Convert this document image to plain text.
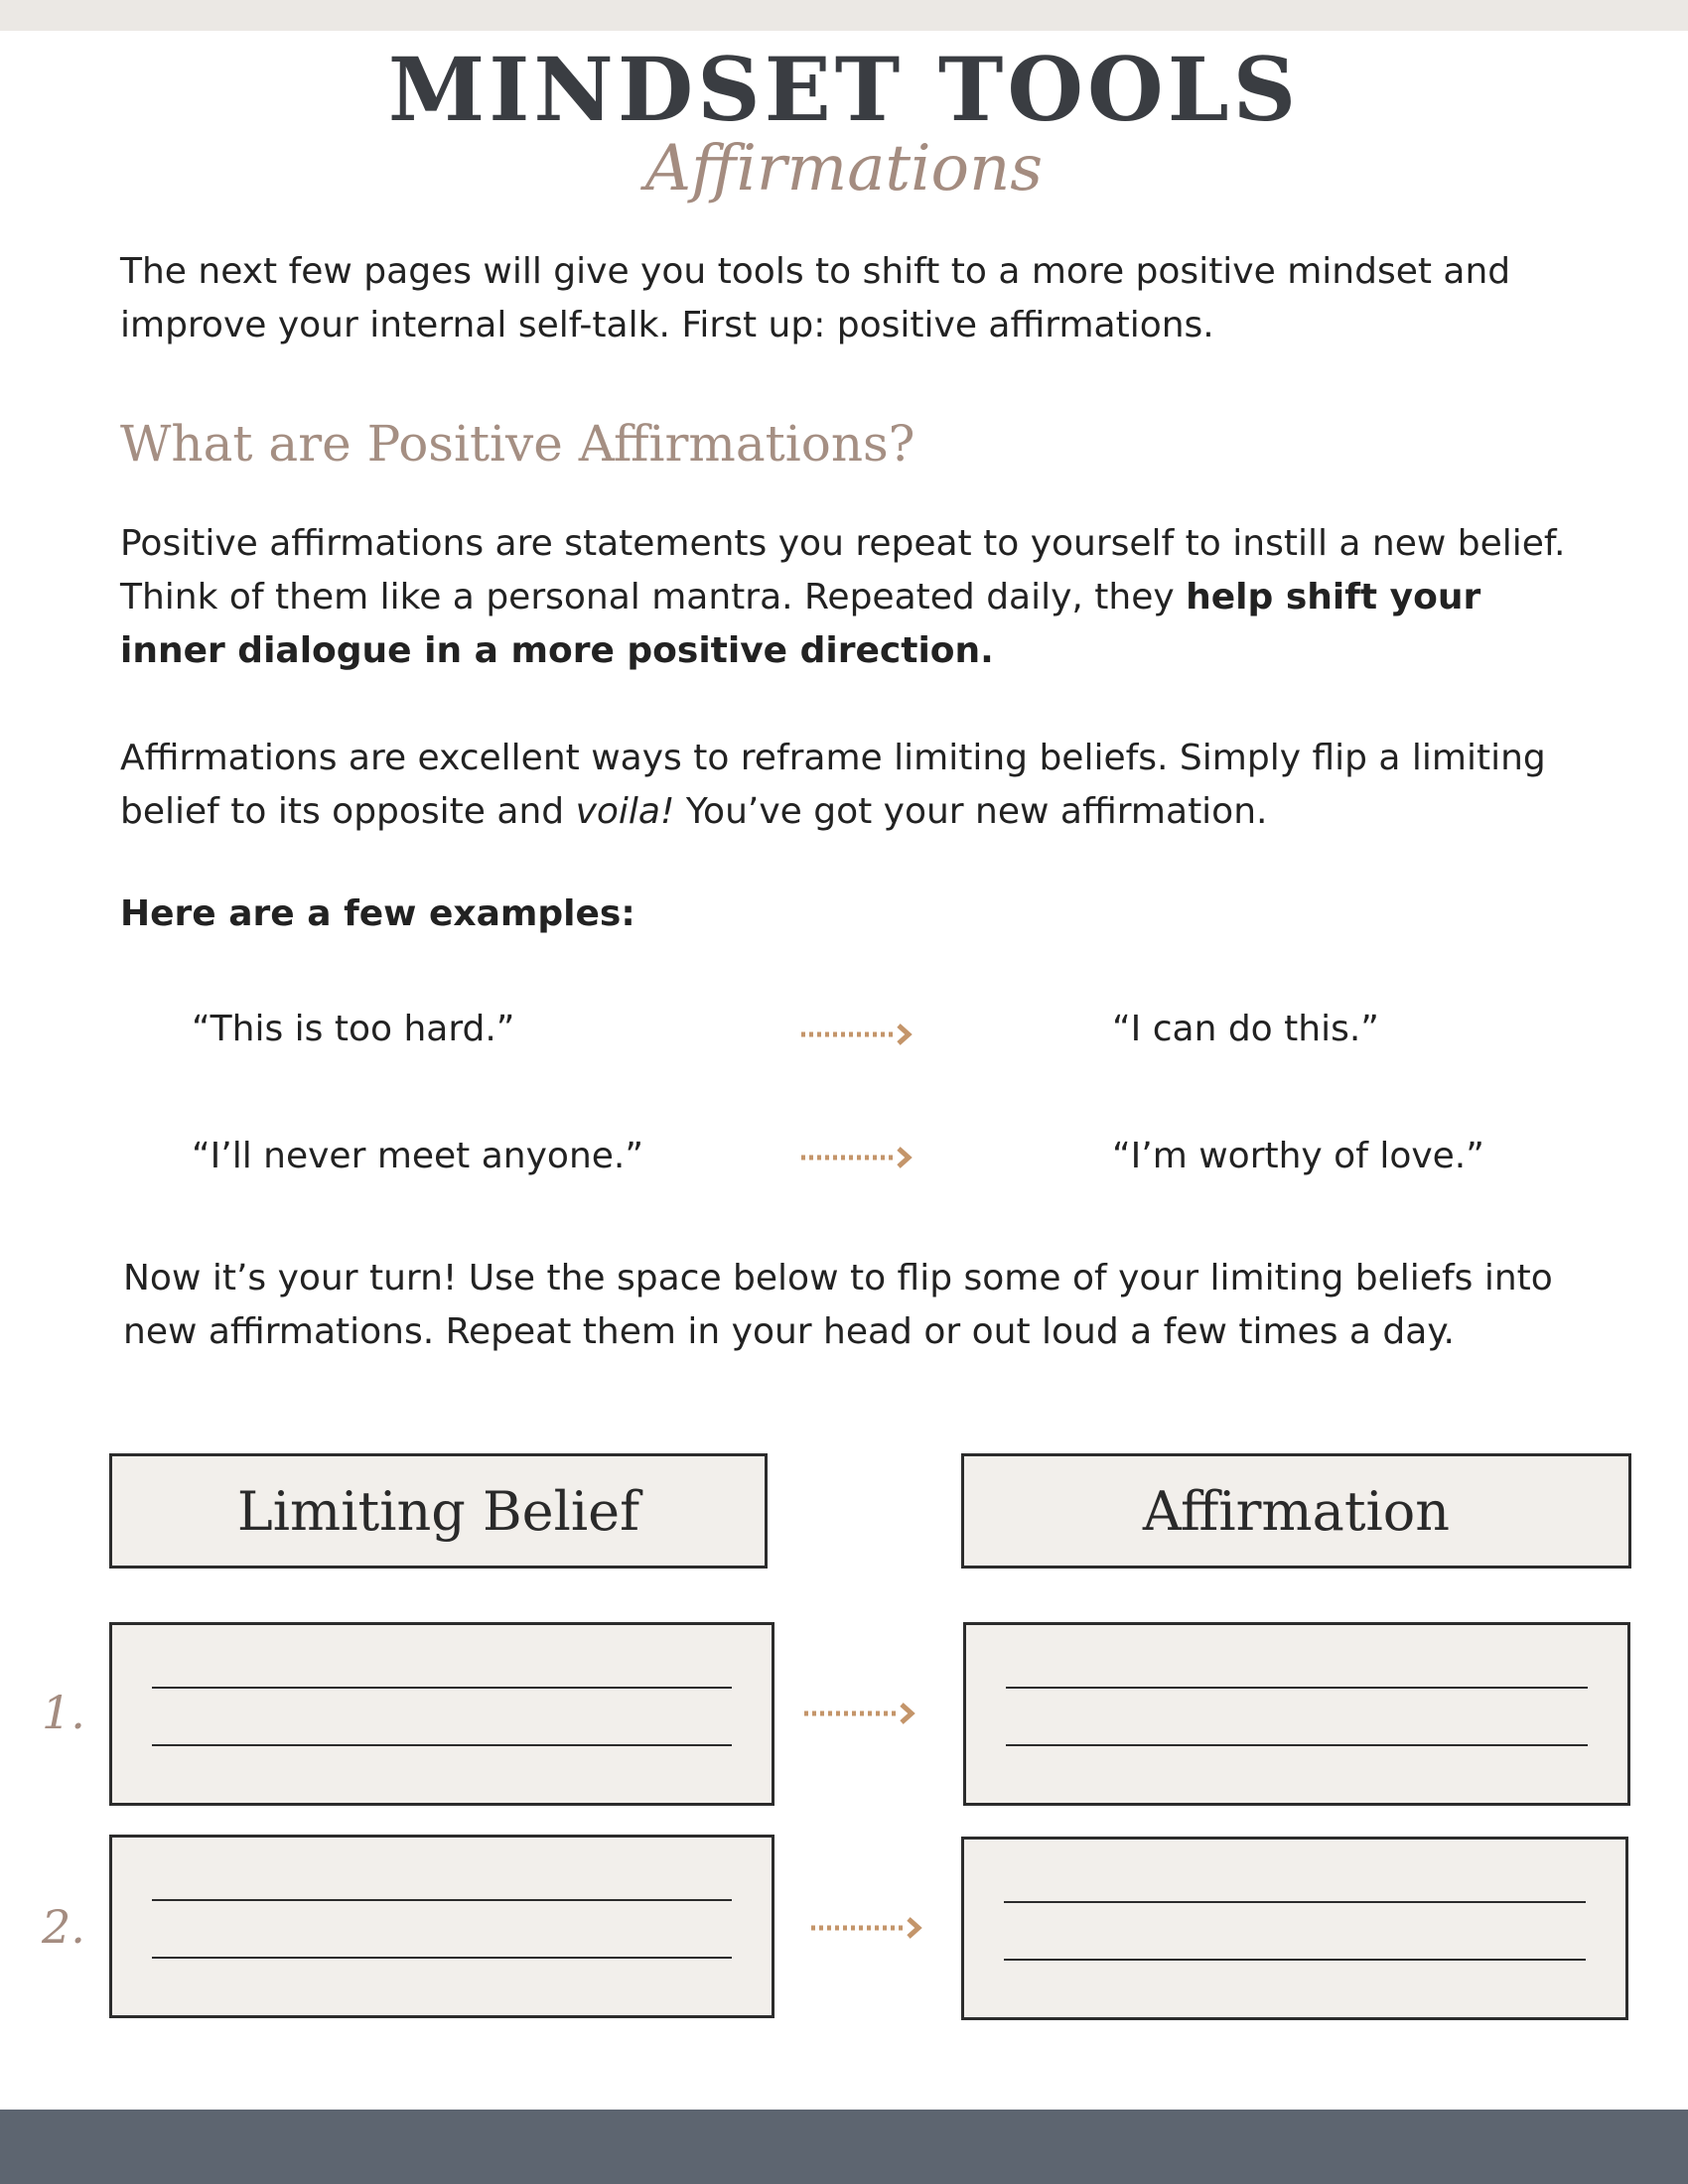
MINDSET TOOLS
Affirmations
The next few pages will give you tools to shift to a more positive mindset and improve your internal self-talk. First up: positive affirmations.
What are Positive Affirmations?
Positive affirmations are statements you repeat to yourself to instill a new belief. Think of them like a personal mantra. Repeated daily, they help shift your inner dialogue in a more positive direction.
Affirmations are excellent ways to reframe limiting beliefs. Simply flip a limiting belief to its opposite and voila! You’ve got your new affirmation.
Here are a few examples:
“This is too hard.”	“I can do this.”
“I’ll never meet anyone.”	“I’m worthy of love.”
Now it’s your turn! Use the space below to flip some of your limiting beliefs into new affirmations. Repeat them in your head or out loud a few times a day.
Limiting Belief	Affirmation
1.
2.
